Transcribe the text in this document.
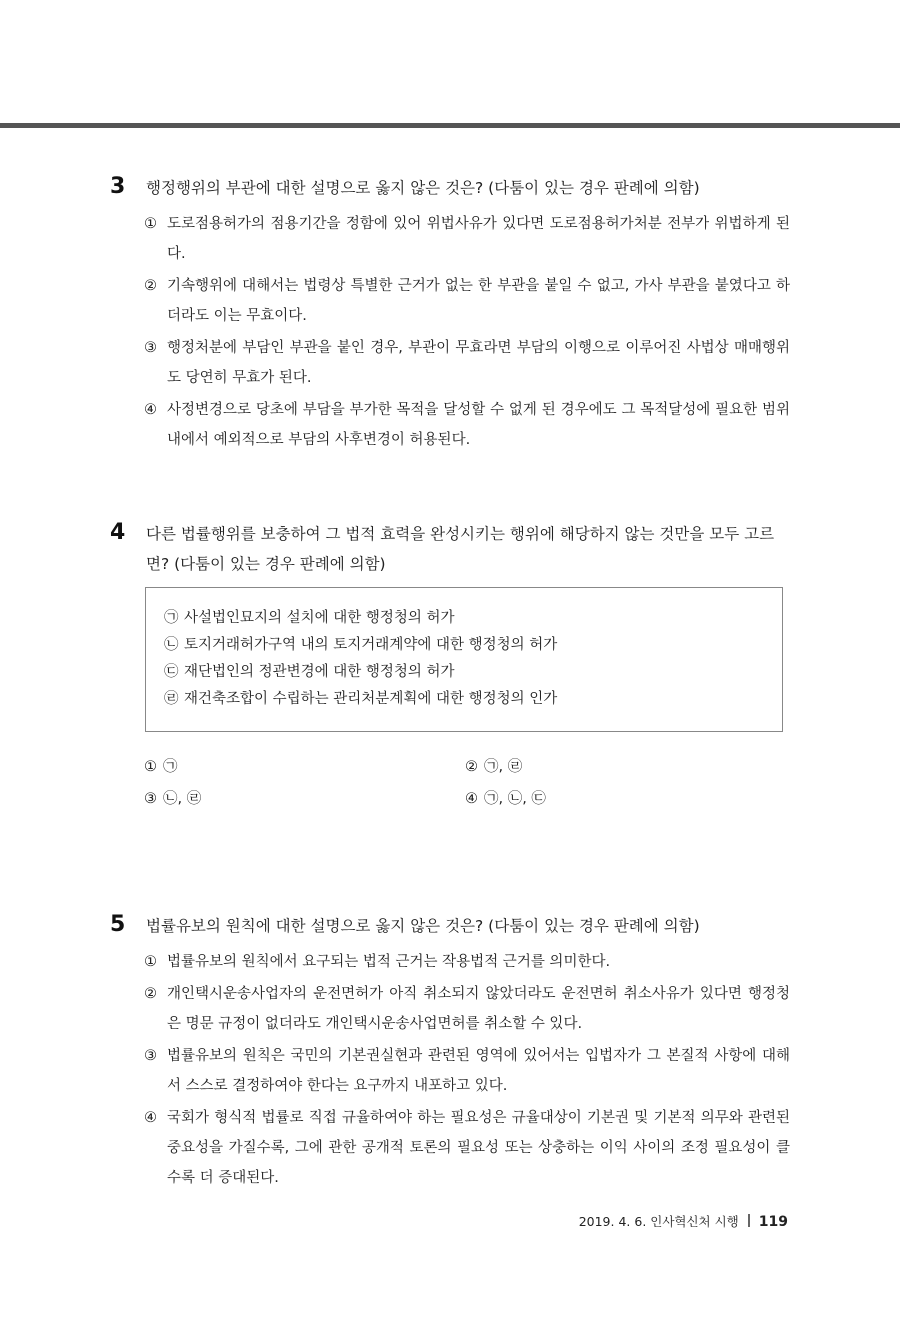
3 행정행위의 부관에 대한 설명으로 옳지 않은 것은? (다툼이 있는 경우 판례에 의함)
① 도로점용허가의 점용기간을 정함에 있어 위법사유가 있다면 도로점용허가처분 전부가 위법하게 된다.
② 기속행위에 대해서는 법령상 특별한 근거가 없는 한 부관을 붙일 수 없고, 가사 부관을 붙였다고 하더라도 이는 무효이다.
③ 행정처분에 부담인 부관을 붙인 경우, 부관이 무효라면 부담의 이행으로 이루어진 사법상 매매행위도 당연히 무효가 된다.
④ 사정변경으로 당초에 부담을 부가한 목적을 달성할 수 없게 된 경우에도 그 목적달성에 필요한 범위 내에서 예외적으로 부담의 사후변경이 허용된다.
4 다른 법률행위를 보충하여 그 법적 효력을 완성시키는 행위에 해당하지 않는 것만을 모두 고르면? (다툼이 있는 경우 판례에 의함)
㉠ 사설법인묘지의 설치에 대한 행정청의 허가
㉡ 토지거래허가구역 내의 토지거래계약에 대한 행정청의 허가
㉢ 재단법인의 정관변경에 대한 행정청의 허가
㉣ 재건축조합이 수립하는 관리처분계획에 대한 행정청의 인가
① ㉠	② ㉠, ㉣
③ ㉡, ㉣	④ ㉠, ㉡, ㉢
5 법률유보의 원칙에 대한 설명으로 옳지 않은 것은? (다툼이 있는 경우 판례에 의함)
① 법률유보의 원칙에서 요구되는 법적 근거는 작용법적 근거를 의미한다.
② 개인택시운송사업자의 운전면허가 아직 취소되지 않았더라도 운전면허 취소사유가 있다면 행정청은 명문 규정이 없더라도 개인택시운송사업면허를 취소할 수 있다.
③ 법률유보의 원칙은 국민의 기본권실현과 관련된 영역에 있어서는 입법자가 그 본질적 사항에 대해서 스스로 결정하여야 한다는 요구까지 내포하고 있다.
④ 국회가 형식적 법률로 직접 규율하여야 하는 필요성은 규율대상이 기본권 및 기본적 의무와 관련된 중요성을 가질수록, 그에 관한 공개적 토론의 필요성 또는 상충하는 이익 사이의 조정 필요성이 클수록 더 증대된다.
2019. 4. 6. 인사혁신처 시행 119
